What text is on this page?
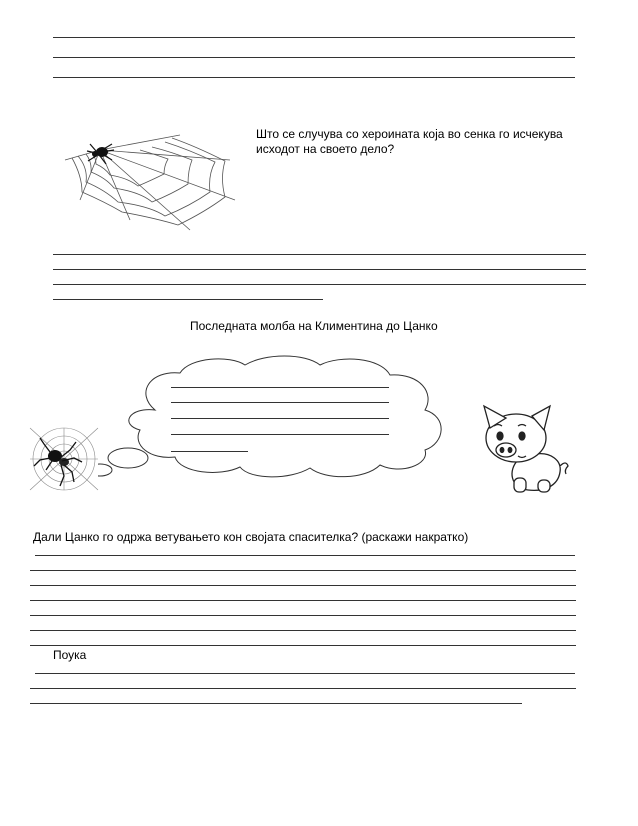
Што се случува со хероината која во сенка го исчекува
исходот на своето дело?
Последната молба на Климентина до Цанко
Дали Цанко го одржа ветувањето кон својата спасителка? (раскажи накратко)
Поука
